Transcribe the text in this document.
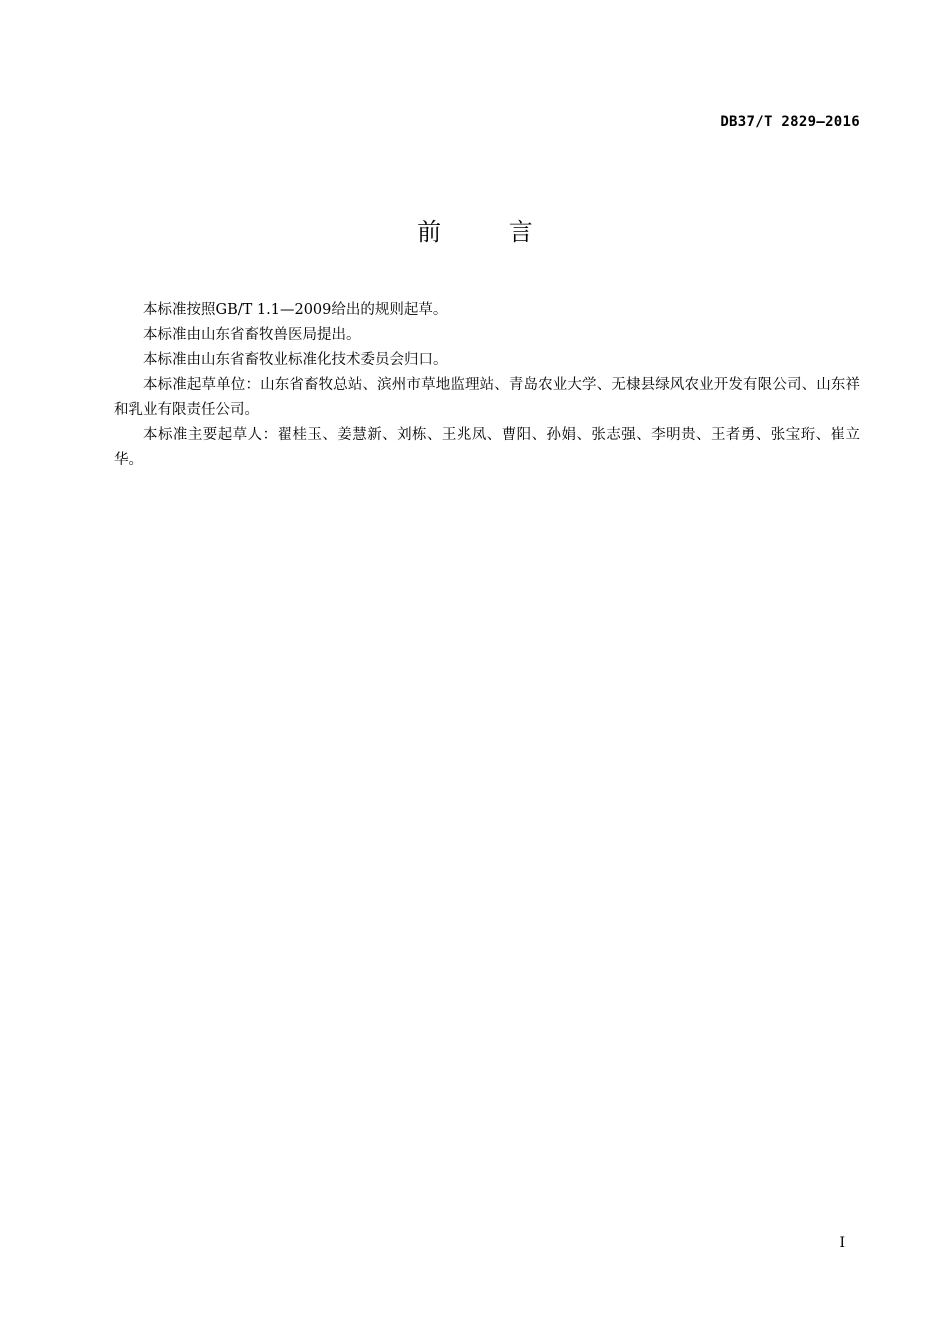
DB37/T 2829—2016
前 言

本标准按照GB/T 1.1—2009给出的规则起草。

本标准由山东省畜牧兽医局提出。

本标准由山东省畜牧业标准化技术委员会归口。

本标准起草单位：山东省畜牧总站、滨州市草地监理站、青岛农业大学、无棣县绿风农业开发有限公司、山东祥和乳业有限责任公司。

本标准主要起草人：翟桂玉、姜慧新、刘栋、王兆凤、曹阳、孙娟、张志强、李明贵、王者勇、张宝珩、崔立华。

I
